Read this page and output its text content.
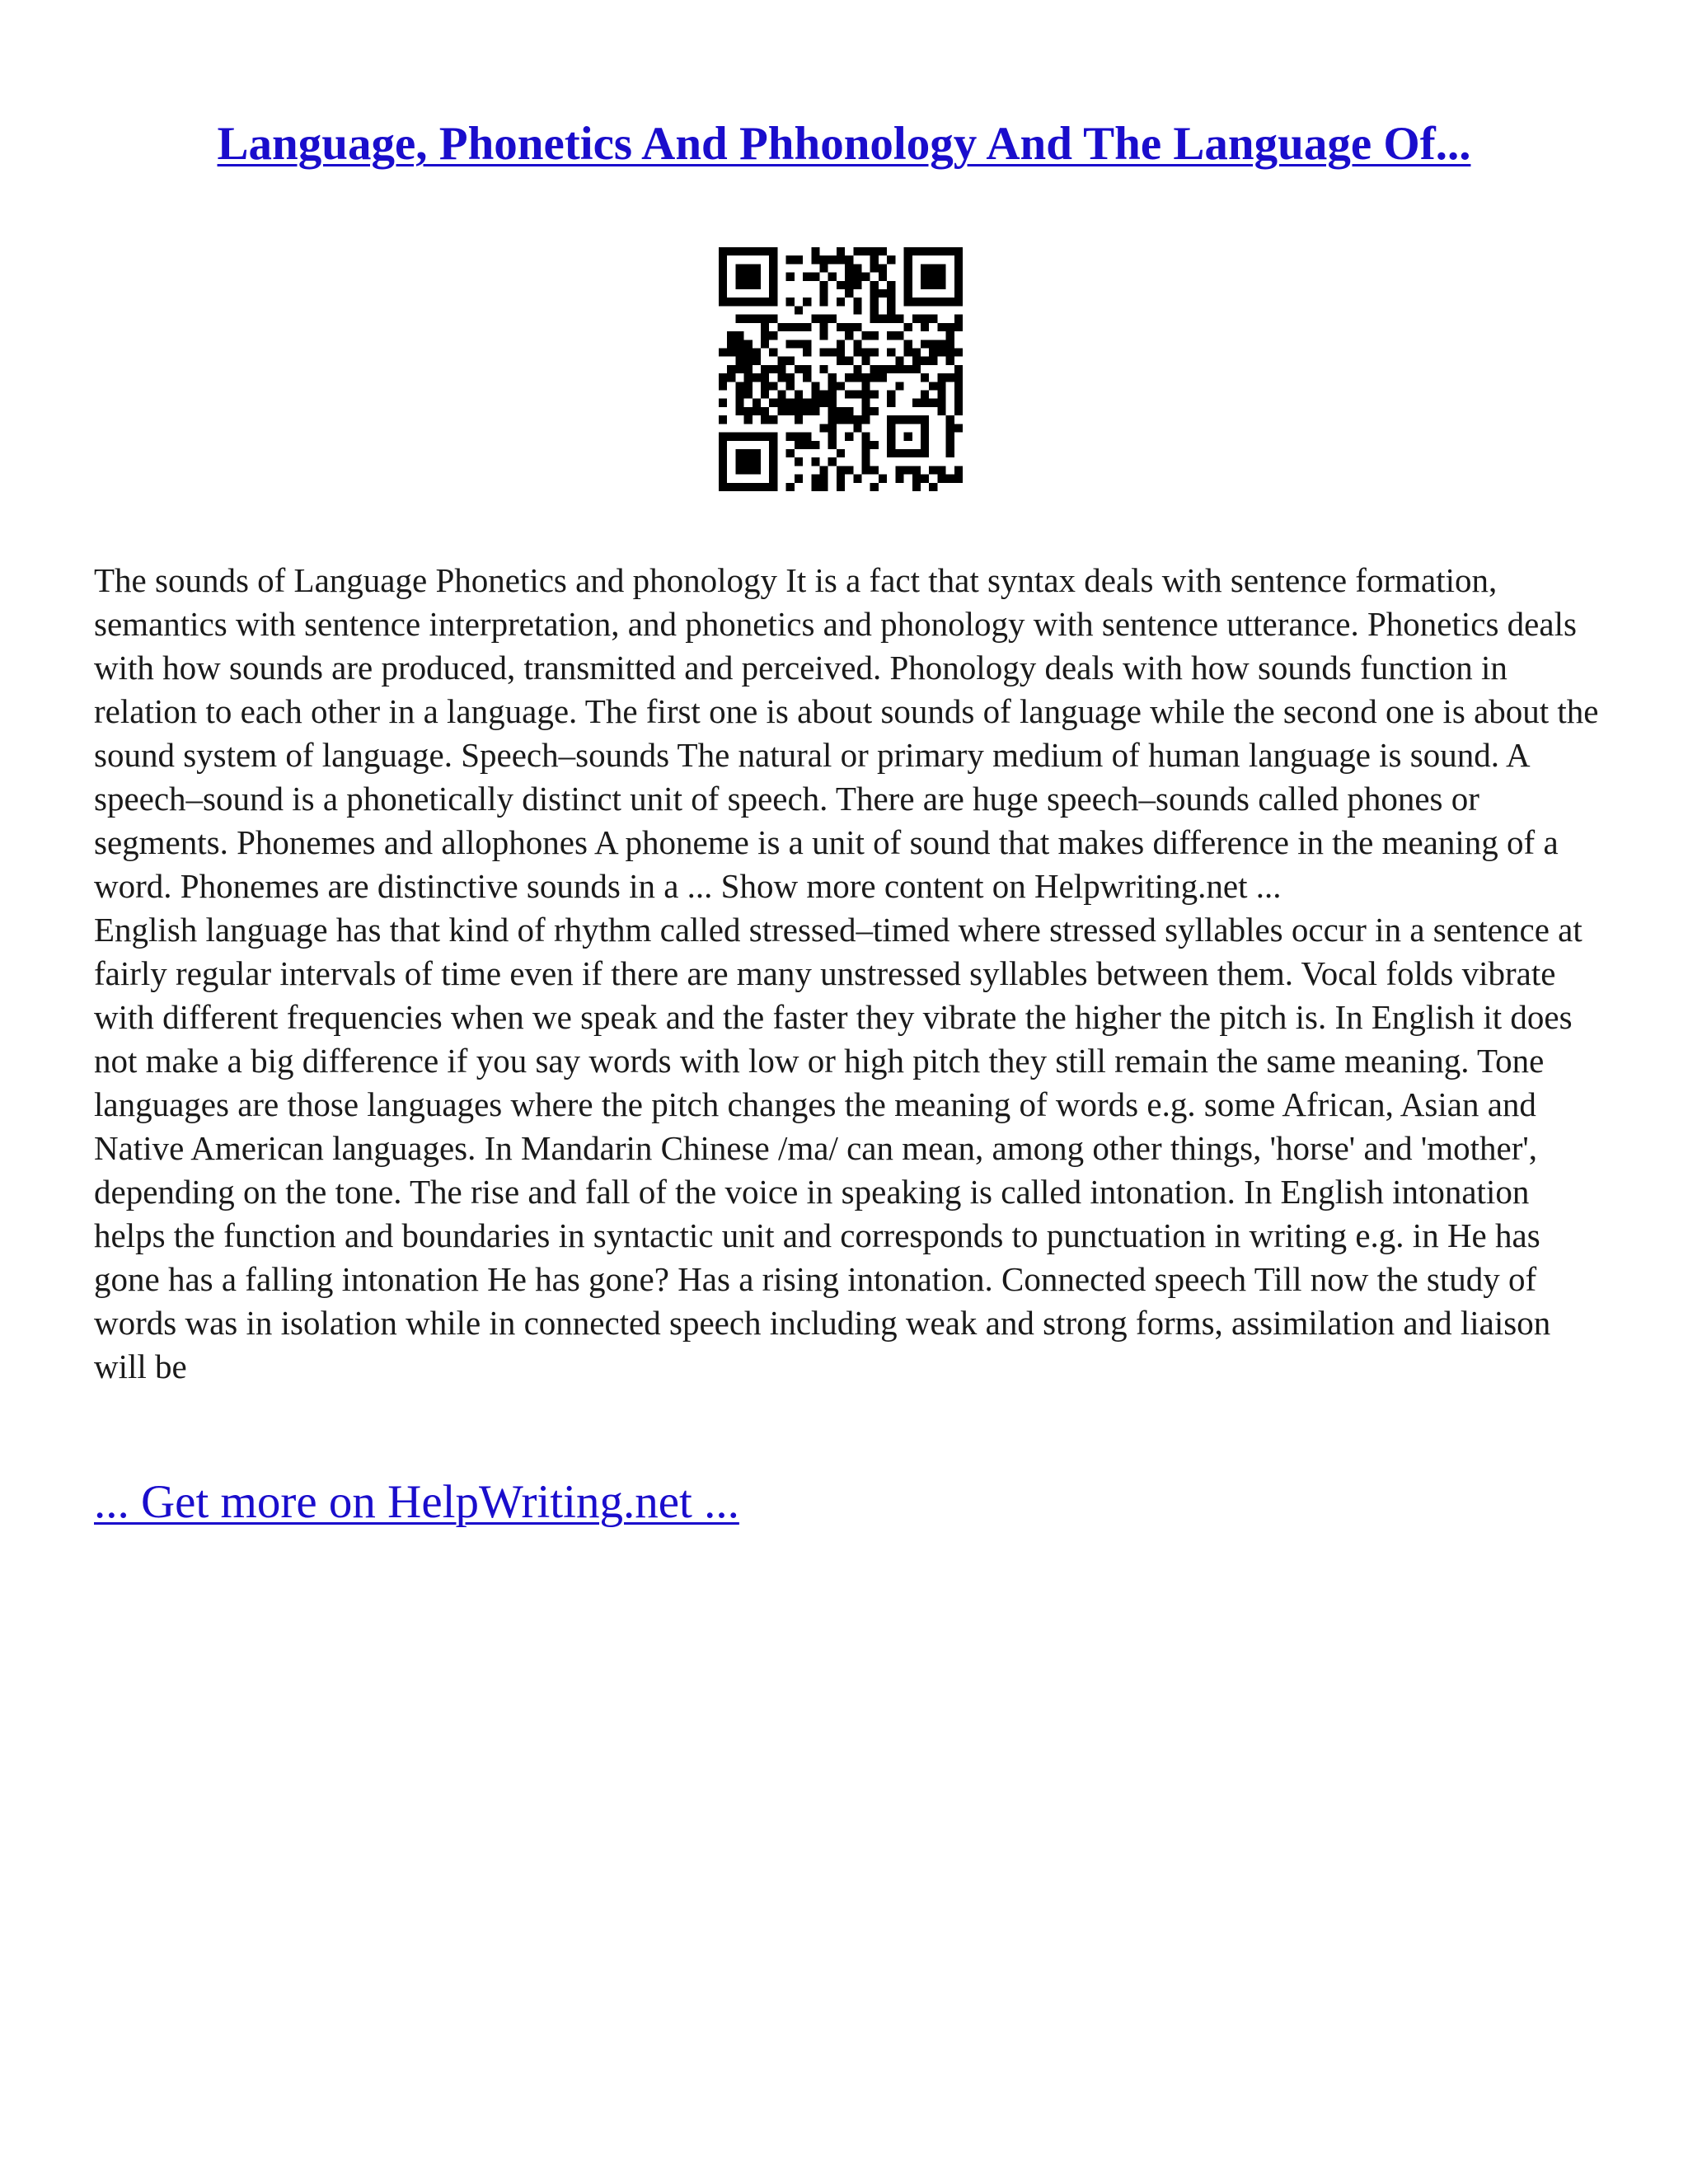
Language, Phonetics And Phhonology And The Language Of...

The sounds of Language Phonetics and phonology It is a fact that syntax deals with sentence formation, semantics with sentence interpretation, and phonetics and phonology with sentence utterance. Phonetics deals with how sounds are produced, transmitted and perceived. Phonology deals with how sounds function in relation to each other in a language. The first one is about sounds of language while the second one is about the sound system of language. Speech–sounds The natural or primary medium of human language is sound. A speech–sound is a phonetically distinct unit of speech. There are huge speech–sounds called phones or segments. Phonemes and allophones A phoneme is a unit of sound that makes difference in the meaning of a word. Phonemes are distinctive sounds in a ... Show more content on Helpwriting.net ...

English language has that kind of rhythm called stressed–timed where stressed syllables occur in a sentence at fairly regular intervals of time even if there are many unstressed syllables between them. Vocal folds vibrate with different frequencies when we speak and the faster they vibrate the higher the pitch is. In English it does not make a big difference if you say words with low or high pitch they still remain the same meaning. Tone languages are those languages where the pitch changes the meaning of words e.g. some African, Asian and Native American languages. In Mandarin Chinese /ma/ can mean, among other things, 'horse' and 'mother', depending on the tone. The rise and fall of the voice in speaking is called intonation. In English intonation helps the function and boundaries in syntactic unit and corresponds to punctuation in writing e.g. in He has gone has a falling intonation He has gone? Has a rising intonation. Connected speech Till now the study of words was in isolation while in connected speech including weak and strong forms, assimilation and liaison will be

... Get more on HelpWriting.net ...
